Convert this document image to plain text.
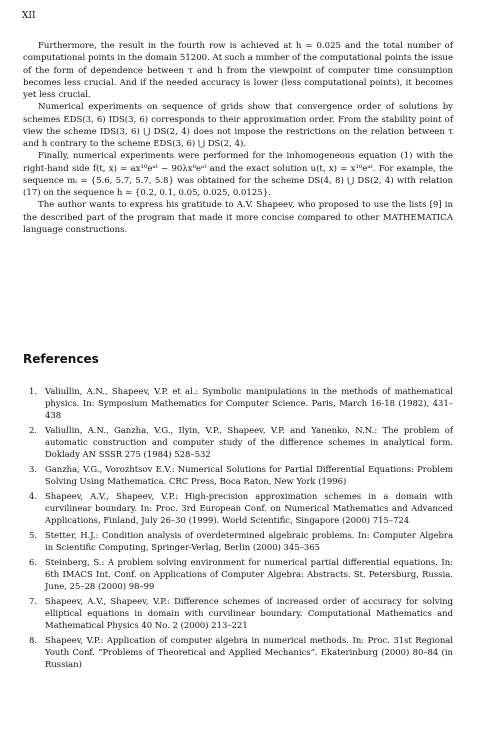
XII

Furthermore, the result in the fourth row is achieved at h = 0.025 and the total number of computational points in the domain 51200. At such a number of the computational points the issue of the form of dependence between τ and h from the viewpoint of computer time consumption becomes less crucial. And if the needed accuracy is lower (less computational points), it becomes yet less crucial.

Numerical experiments on sequence of grids show that convergence order of solutions by schemes EDS(3, 6) IDS(3, 6) corresponds to their approximation order. From the stability point of view the scheme IDS(3, 6) ⋃ DS(2, 4) does not impose the restrictions on the relation between τ and h contrary to the scheme EDS(3, 6) ⋃ DS(2, 4).

Finally, numerical experiments were performed for the inhomogeneous equation (1) with the right-hand side f(t, x) = ax¹⁰eᵃᵗ − 90λx⁸eᵃᵗ and the exact solution u(t, x) = x¹⁰eᵃᵗ. For example, the sequence mᵢ = {5.6, 5.7, 5.7, 5.8} was obtained for the scheme DS(4, 8) ⋃ DS(2, 4) with relation (17) on the sequence h = {0.2, 0.1, 0.05, 0.025, 0.0125}.

The author wants to express his gratitude to A.V. Shapeev, who proposed to use the lists [9] in the described part of the program that made it more concise compared to other MATHEMATICA language constructions.

References
1. Valiullin, A.N., Shapeev, V.P. et al.: Symbolic manipulations in the methods of mathematical physics. In: Symposium Mathematics for Computer Science. Paris, March 16-18 (1982), 431–438
2. Valiullin, A.N., Ganzha, V.G., Ilyin, V.P., Shapeev, V.P. and Yanenko, N.N.: The problem of automatic construction and computer study of the difference schemes in analytical form. Doklady AN SSSR 275 (1984) 528–532
3. Ganzha, V.G., Vorozhtsov E.V.: Numerical Solutions for Partial Differential Equations: Problem Solving Using Mathematica. CRC Press, Boca Raton, New York (1996)
4. Shapeev, A.V., Shapeev, V.P.: High-precision approximation schemes in a domain with curvilinear boundary. In: Proc. 3rd European Conf. on Numerical Mathematics and Advanced Applications, Finland, July 26–30 (1999). World Scientific, Singapore (2000) 715–724
5. Stetter, H.J.: Condition analysis of overdetermined algebraic problems. In: Computer Algebra in Scientific Computing, Springer-Verlag, Berlin (2000) 345–365
6. Steinberg, S.: A problem solving environment for numerical partial differential equations. In: 6th IMACS Int. Conf. on Applications of Computer Algebra: Abstracts. St. Petersburg, Russia. June, 25–28 (2000) 98–99
7. Shapeev, A.V., Shapeev, V.P.: Difference schemes of increased order of accuracy for solving elliptical equations in domain with curvilinear boundary. Computational Mathematics and Mathematical Physics 40 No. 2 (2000) 213–221
8. Shapeev, V.P.: Application of computer algebra in numerical methods. In: Proc. 31st Regional Youth Conf. “Problems of Theoretical and Applied Mechanics”. Ekaterinburg (2000) 80–84 (in Russian)
